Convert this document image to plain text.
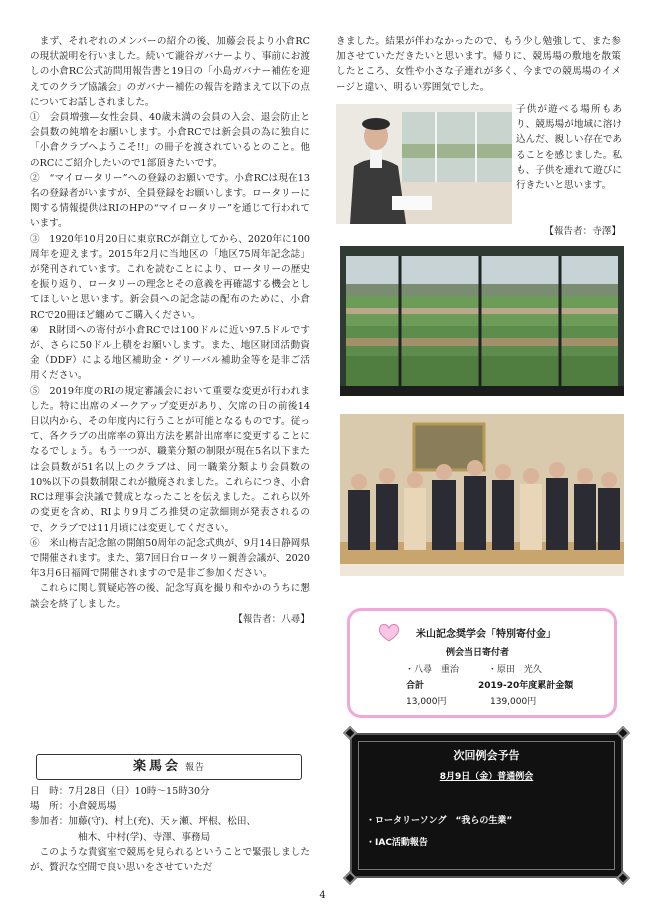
まず、それぞれのメンバーの紹介の後、加藤会長より小倉RCの現状説明を行いました。続いて瀧谷ガバナーより、事前にお渡しの小倉RC公式訪問用報告書と19日の「小島ガバナー補佐を迎えてのクラブ協議会」のガバナー補佐の報告を踏まえて以下の点についてお話しされました。

①　会員増強—女性会員、40歳未満の会員の入会、退会防止と会員数の純増をお願いします。小倉RCでは新会員の為に独自に「小倉クラブへようこそ!!」の冊子を渡されているとのこと。他のRCにご紹介したいので1部頂きたいです。

②　“マイロータリー”への登録のお願いです。小倉RCは現在13名の登録者がいますが、全員登録をお願いします。ロータリーに関する情報提供はRIのHPの“マイロータリー”を通じて行われています。

③　1920年10月20日に東京RCが創立してから、2020年に100周年を迎えます。2015年2月に当地区の「地区75周年記念誌」が発刊されています。これを読むことにより、ロータリーの歴史を振り返り、ロータリーの理念とその意義を再確認する機会としてほしいと思います。新会員への記念誌の配布のために、小倉RCで20冊ほど纏めてご購入ください。

④　R財団への寄付が小倉RCでは100ドルに近い97.5ドルですが、さらに50ドル上積をお願いします。また、地区財団活動資金（DDF）による地区補助金・グリーバル補助金等を是非ご活用ください。

⑤　2019年度のRIの規定審議会において重要な変更が行われました。特に出席のメークアップ変更があり、欠席の日の前後14日以内から、その年度内に行うことが可能となるものです。従って、各クラブの出席率の算出方法を累計出席率に変更することになるでしょう。もう一つが、職業分類の制限が現在5名以下または会員数が51名以上のクラブは、同一職業分類より会員数の10%以下の員数制限これが撤廃されました。これらにつき、小倉RCは理事会決議で賛成となったことを伝えました。これら以外の変更を含め、RIより9月ごろ推奨の定款細則が発表されるので、クラブでは11月頃には変更してください。

⑥　米山梅吉記念館の開館50周年の記念式典が、9月14日静岡県で開催されます。また、第7回日台ロータリー親善会議が、2020年3月6日福岡で開催されますので是非ご参加ください。

これらに関し質疑応答の後、記念写真を撮り和やかのうちに懇談会を終了しました。

【報告者：八尋】

楽馬会 報告
日　時：7月28日（日）10時〜15時30分
場　所：小倉競馬場
参加者：加藤(守)、村上(充)、天ヶ瀬、坪根、松田、
柚木、中村(学)、寺澤、事務局

このような貴賓室で競馬を見られるということで緊張しましたが、贅沢な空間で良い思いをさせていただ

きました。結果が伴わなかったので、もう少し勉強して、また参加させていただきたいと思います。帰りに、競馬場の敷地を散策したところ、女性や小さな子連れが多く、今までの競馬場のイメージと違い、明るい雰囲気でした。

子供が遊べる場所もあり、競馬場が地域に溶け込んだ、親しい存在であることを感じました。私も、子供を連れて遊びに行きたいと思います。

【報告者：寺澤】

米山記念奨学会「特別寄付金」
例会当日寄付者
・八尋　重治	・原田　光久
合計	2019-20年度累計金額
13,000円	139,000円
次回例会予告
8月9日（金）普通例会
・ロータリーソング　“我らの生業”
・IAC活動報告
4
